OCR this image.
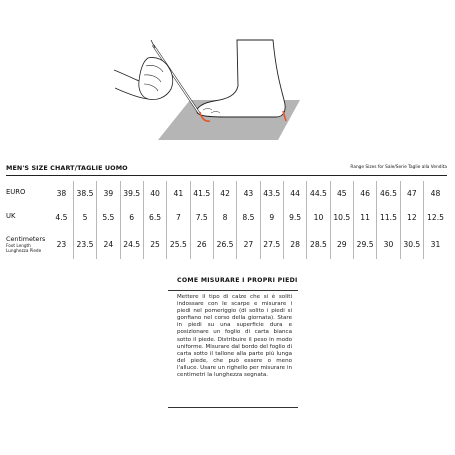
MEN'S SIZE CHART/TAGLIE UOMO	Range Sizes for Sale/Serie Taglie alla Vendita
EURO	38	38.5	39	39.5	40	41	41.5	42	43	43.5	44	44.5	45	46	46.5	47	48
UK	4.5	5	5.5	6	6.5	7	7.5	8	8.5	9	9.5	10	10.5	11	11.5	12	12.5

Centimeters
Foot Length
Lunghezza Piede	23	23.5	24	24.5	25	25.5	26	26.5	27	27.5	28	28.5	29	29.5	30	30.5	31
COME MISURARE I PROPRI PIEDI

Mettere il tipo di calze che si è soliti indossare con le scarpe e misurare i piedi nel pomeriggio (di solito i piedi si gonfiano nel corso della giornata). Stare in piedi su una superficie dura e posizionare un foglio di carta bianca sotto il piede. Distribuire il peso in modo uniforme. Misurare dal bordo del foglio di carta sotto il tallone alla parte più lunga del piede, che può essere o meno l'alluce. Usare un righello per misurare in centimetri la lunghezza segnata.
